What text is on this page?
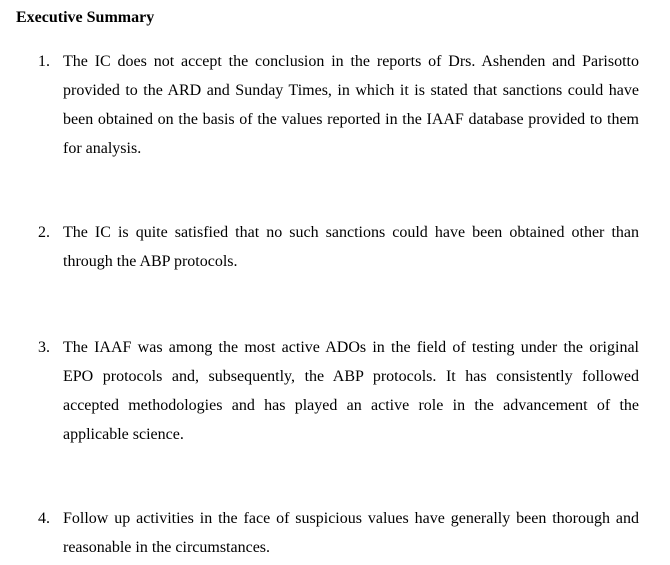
Executive Summary
1. The IC does not accept the conclusion in the reports of Drs. Ashenden and Parisotto provided to the ARD and Sunday Times, in which it is stated that sanctions could have been obtained on the basis of the values reported in the IAAF database provided to them for analysis.
2. The IC is quite satisfied that no such sanctions could have been obtained other than through the ABP protocols.
3. The IAAF was among the most active ADOs in the field of testing under the original EPO protocols and, subsequently, the ABP protocols. It has consistently followed accepted methodologies and has played an active role in the advancement of the applicable science.
4. Follow up activities in the face of suspicious values have generally been thorough and reasonable in the circumstances.
